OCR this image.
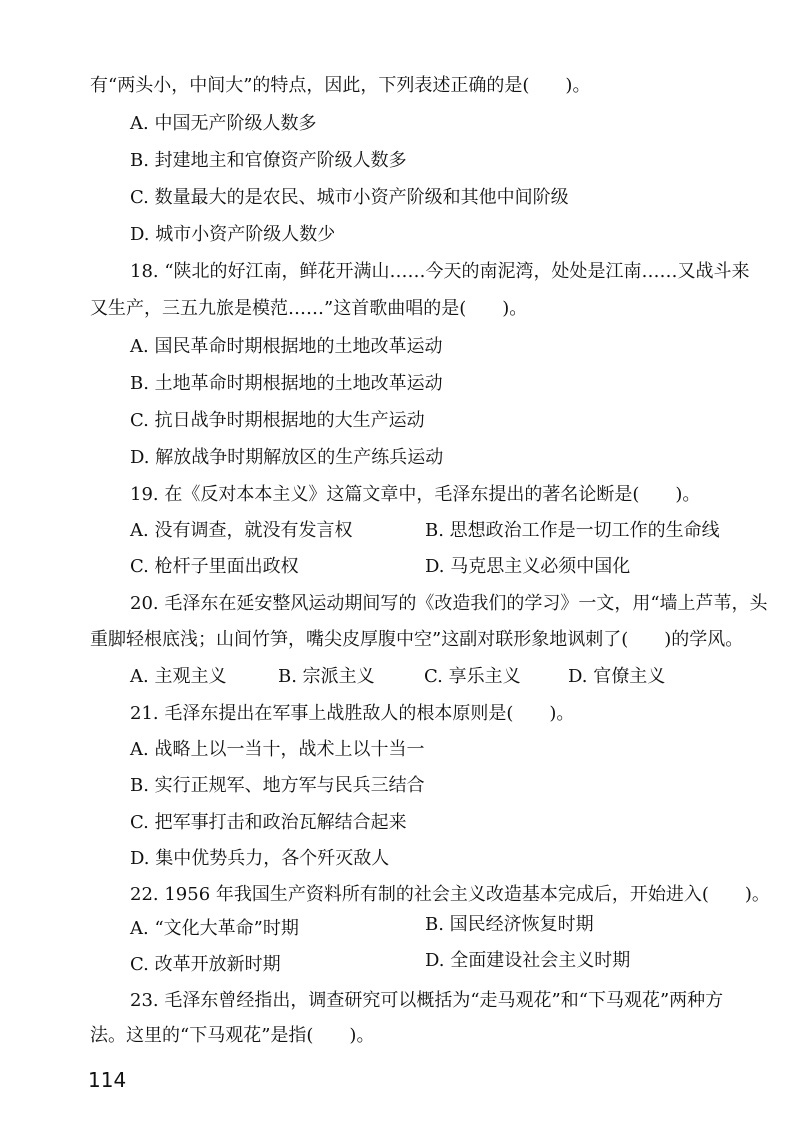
有“两头小，中间大”的特点，因此，下列表述正确的是(　　)。
A. 中国无产阶级人数多
B. 封建地主和官僚资产阶级人数多
C. 数量最大的是农民、城市小资产阶级和其他中间阶级
D. 城市小资产阶级人数少
18. “陕北的好江南，鲜花开满山……今天的南泥湾，处处是江南……又战斗来
又生产，三五九旅是模范……”这首歌曲唱的是(　　)。
A. 国民革命时期根据地的土地改革运动
B. 土地革命时期根据地的土地改革运动
C. 抗日战争时期根据地的大生产运动
D. 解放战争时期解放区的生产练兵运动
19. 在《反对本本主义》这篇文章中，毛泽东提出的著名论断是(　　)。
A. 没有调查，就没有发言权	B. 思想政治工作是一切工作的生命线
C. 枪杆子里面出政权	D. 马克思主义必须中国化
20. 毛泽东在延安整风运动期间写的《改造我们的学习》一文，用“墙上芦苇，头
重脚轻根底浅；山间竹笋，嘴尖皮厚腹中空”这副对联形象地讽刺了(　　)的学风。
A. 主观主义	B. 宗派主义	C. 享乐主义	D. 官僚主义
21. 毛泽东提出在军事上战胜敌人的根本原则是(　　)。
A. 战略上以一当十，战术上以十当一
B. 实行正规军、地方军与民兵三结合
C. 把军事打击和政治瓦解结合起来
D. 集中优势兵力，各个歼灭敌人
22. 1956 年我国生产资料所有制的社会主义改造基本完成后，开始进入(　　)。
A. “文化大革命”时期	B. 国民经济恢复时期
C. 改革开放新时期	D. 全面建设社会主义时期
23. 毛泽东曾经指出，调查研究可以概括为“走马观花”和“下马观花”两种方
法。这里的“下马观花”是指(　　)。
114
